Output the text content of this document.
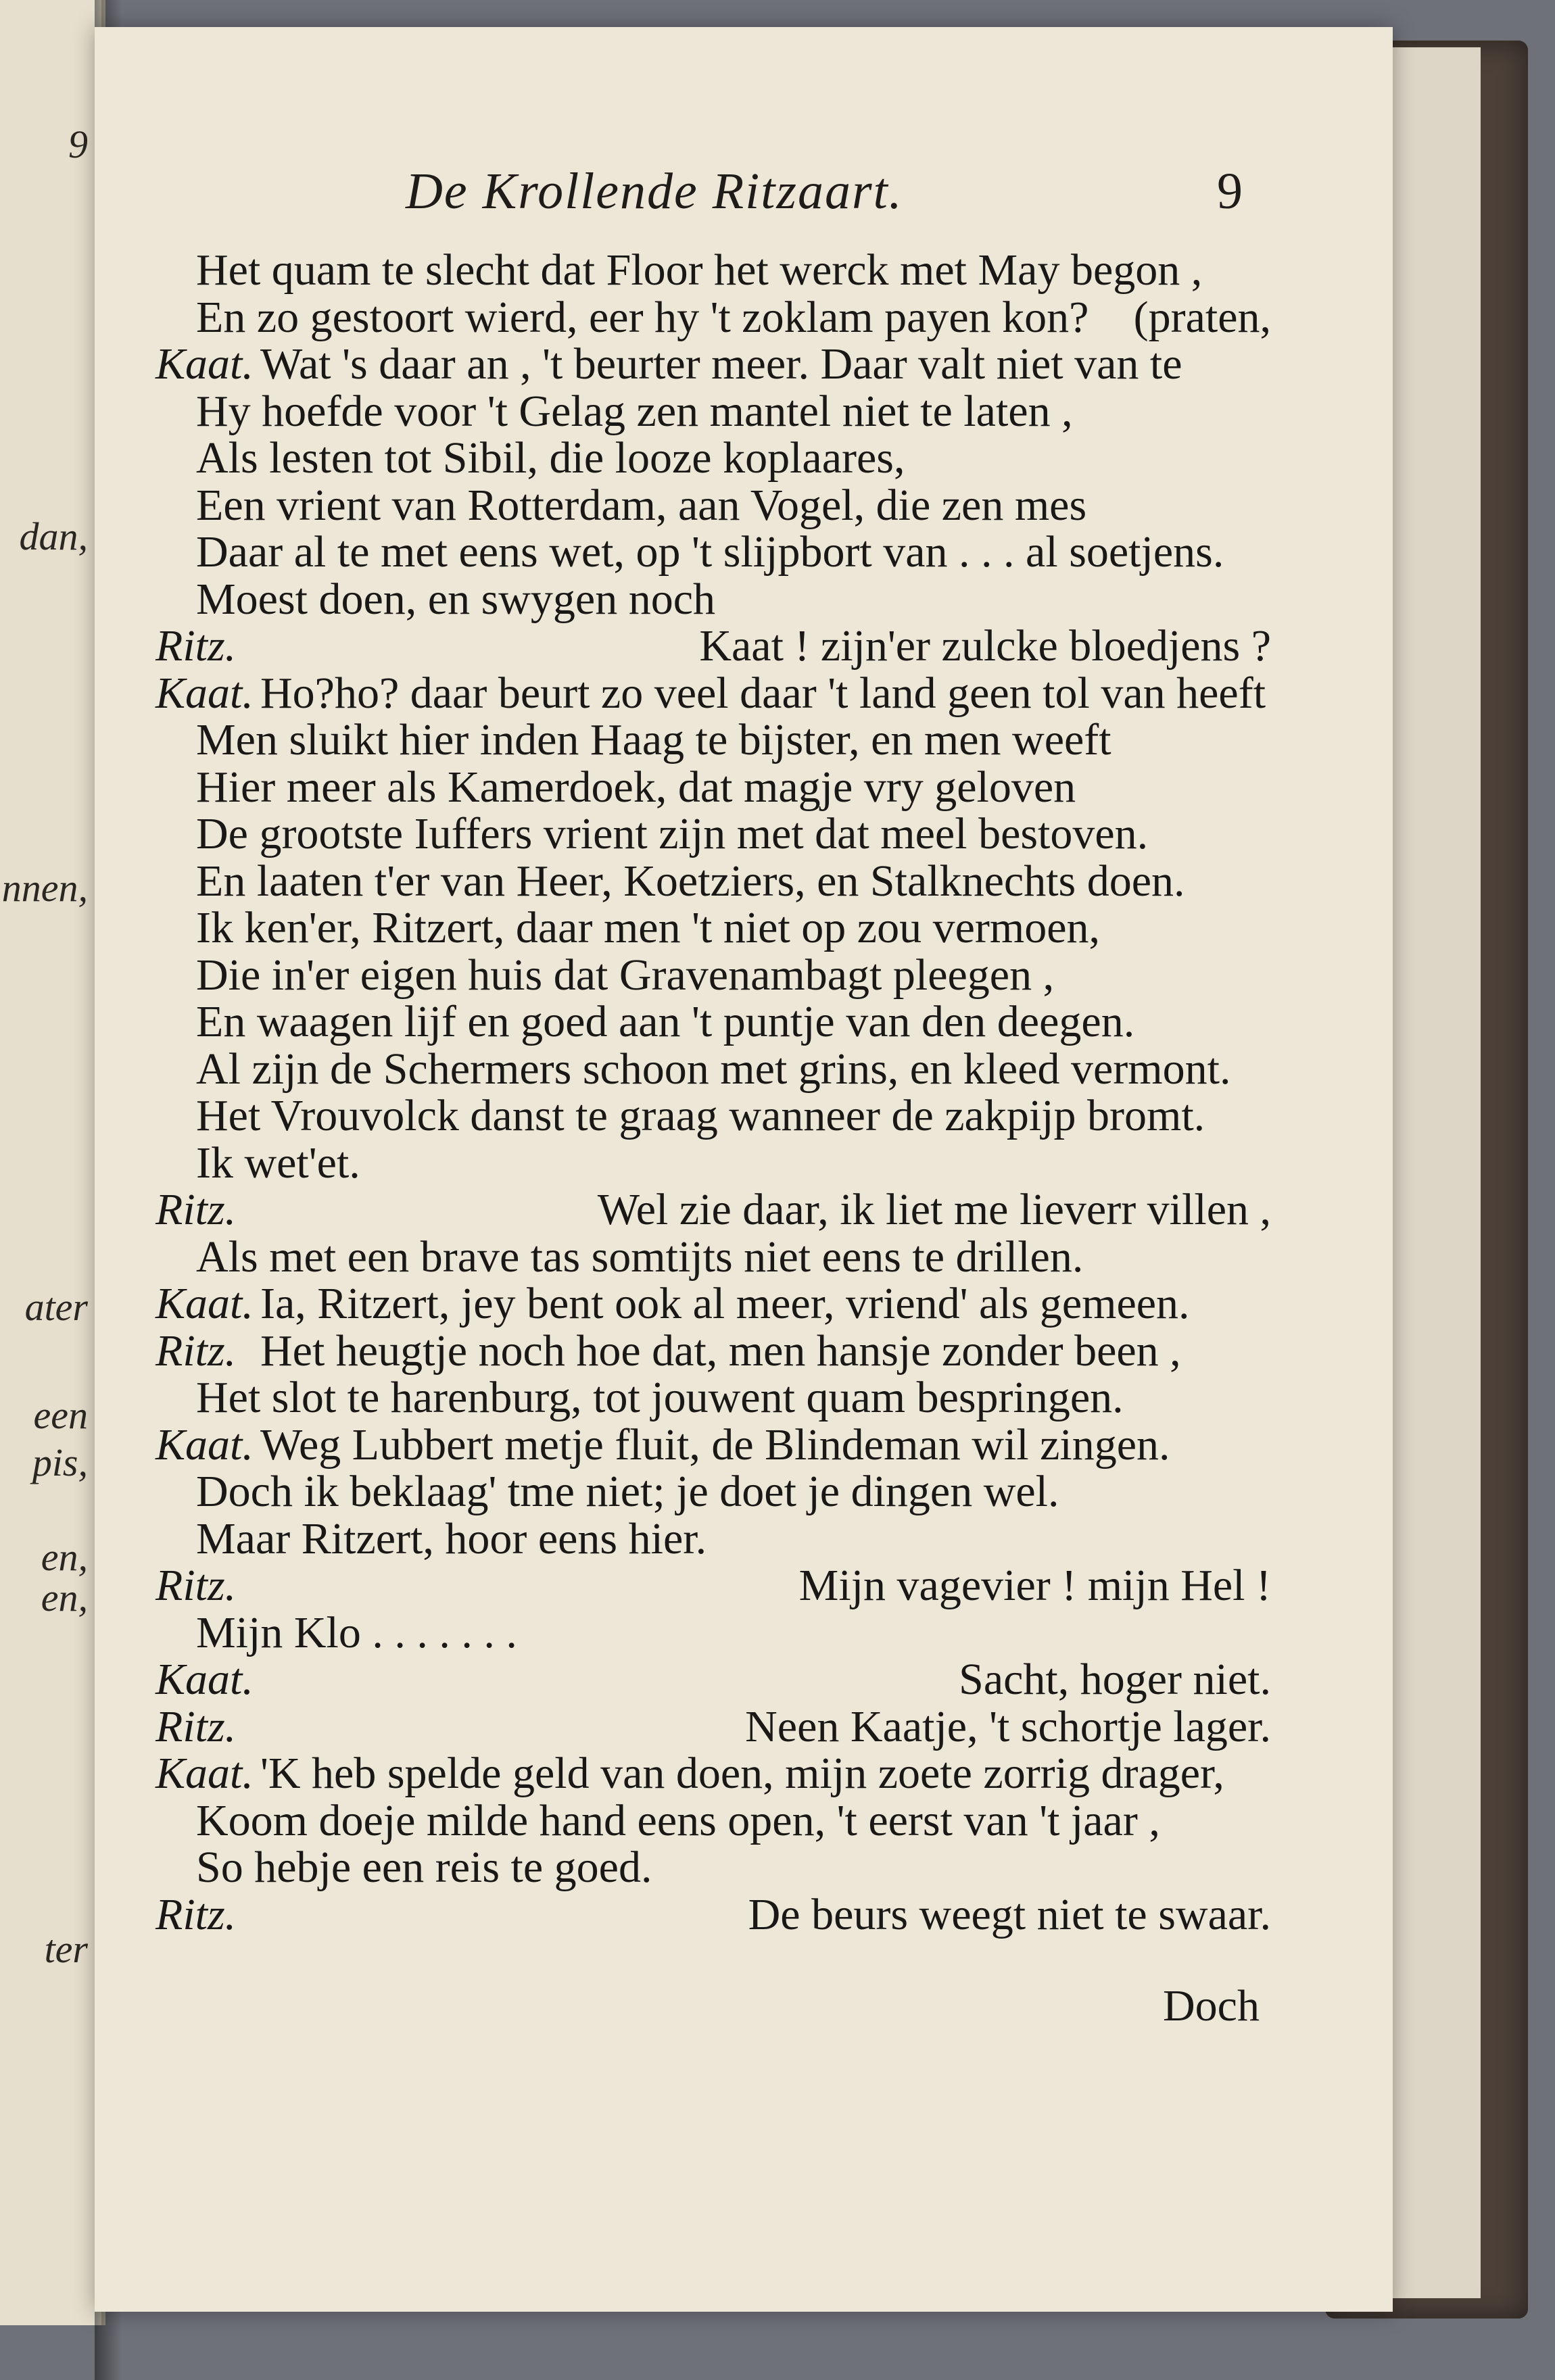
9
dan,
nnen,
ater
een
pis,
en,
en,
ter
De Krollende Ritzaart.	9
Het quam te slecht dat Floor het werck met May begon ,
En zo gestoort wierd, eer hy 't zoklam payen kon? (praten,
Kaat. Wat 's daar an , 't beurter meer. Daar valt niet van te
Hy hoefde voor 't Gelag zen mantel niet te laten ,
Als lesten tot Sibil, die looze koplaares,
Een vrient van Rotterdam, aan Vogel, die zen mes
Daar al te met eens wet, op 't slijpbort van . . . al soetjens.
Moest doen, en swygen noch
Ritz.	Kaat ! zijn'er zulcke bloedjens ?
Kaat. Ho?ho? daar beurt zo veel daar 't land geen tol van heeft
Men sluikt hier inden Haag te bijster, en men weeft
Hier meer als Kamerdoek, dat magje vry geloven
De grootste Iuffers vrient zijn met dat meel bestoven.
En laaten t'er van Heer, Koetziers, en Stalknechts doen.
Ik ken'er, Ritzert, daar men 't niet op zou vermoen,
Die in'er eigen huis dat Gravenambagt pleegen ,
En waagen lijf en goed aan 't puntje van den deegen.
Al zijn de Schermers schoon met grins, en kleed vermont.
Het Vrouvolck danst te graag wanneer de zakpijp bromt.
Ik wet'et.
Ritz.	Wel zie daar, ik liet me lieverr villen ,
Als met een brave tas somtijts niet eens te drillen.
Kaat. Ia, Ritzert, jey bent ook al meer, vriend' als gemeen.
Ritz. Het heugtje noch hoe dat, men hansje zonder been ,
Het slot te harenburg, tot jouwent quam bespringen.
Kaat. Weg Lubbert metje fluit, de Blindeman wil zingen.
Doch ik beklaag' tme niet; je doet je dingen wel.
Maar Ritzert, hoor eens hier.
Ritz.	Mijn vagevier ! mijn Hel !
Mijn Klo . . . . . . .
Kaat.	Sacht, hoger niet.
Ritz.	Neen Kaatje, 't schortje lager.
Kaat. 'K heb spelde geld van doen, mijn zoete zorrig drager,
Koom doeje milde hand eens open, 't eerst van 't jaar ,
So hebje een reis te goed.
Ritz.	De beurs weegt niet te swaar.
Doch
